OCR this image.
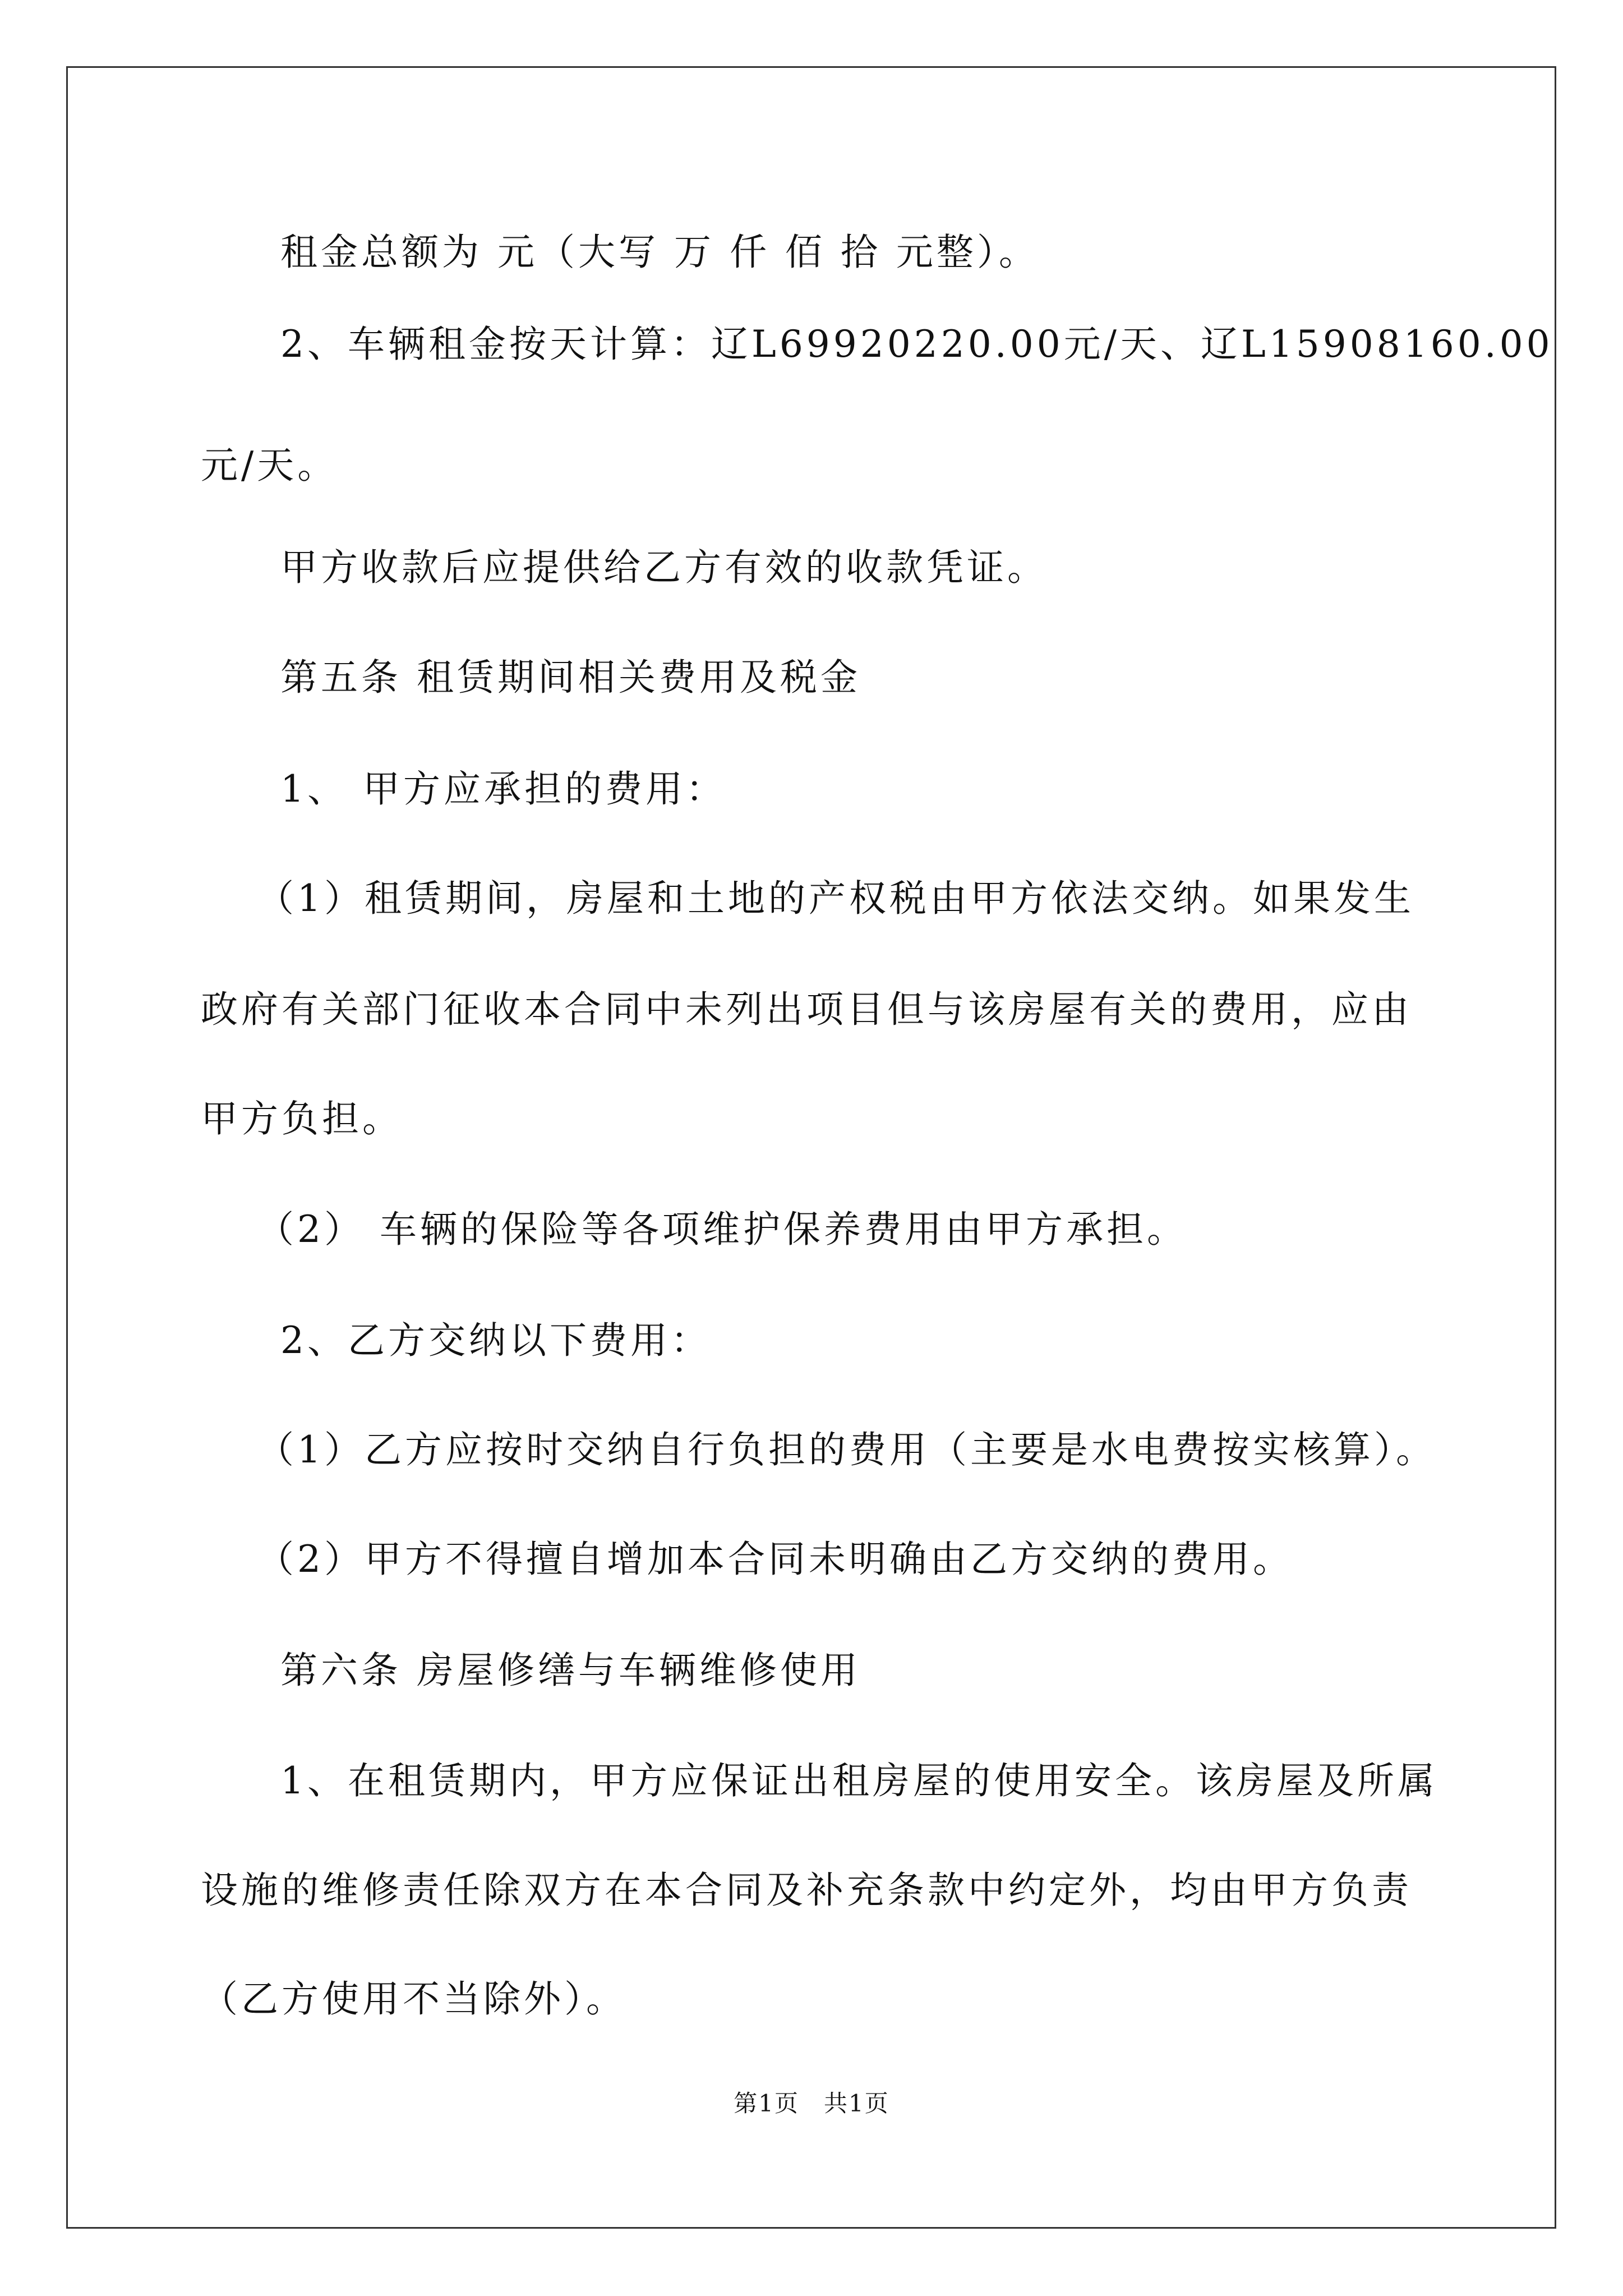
租金总额为 元（大写 万 仟 佰 拾 元整）。
2、车辆租金按天计算：辽L69920220.00元/天、辽L15908160.00
元/天。
甲方收款后应提供给乙方有效的收款凭证。
第五条 租赁期间相关费用及税金
1、 甲方应承担的费用：
（1）租赁期间，房屋和土地的产权税由甲方依法交纳。如果发生
政府有关部门征收本合同中未列出项目但与该房屋有关的费用，应由
甲方负担。
（2） 车辆的保险等各项维护保养费用由甲方承担。
2、乙方交纳以下费用：
（1）乙方应按时交纳自行负担的费用（主要是水电费按实核算）。
（2）甲方不得擅自增加本合同未明确由乙方交纳的费用。
第六条 房屋修缮与车辆维修使用
1、在租赁期内，甲方应保证出租房屋的使用安全。该房屋及所属
设施的维修责任除双方在本合同及补充条款中约定外，均由甲方负责
（乙方使用不当除外）。
第1页　共1页
